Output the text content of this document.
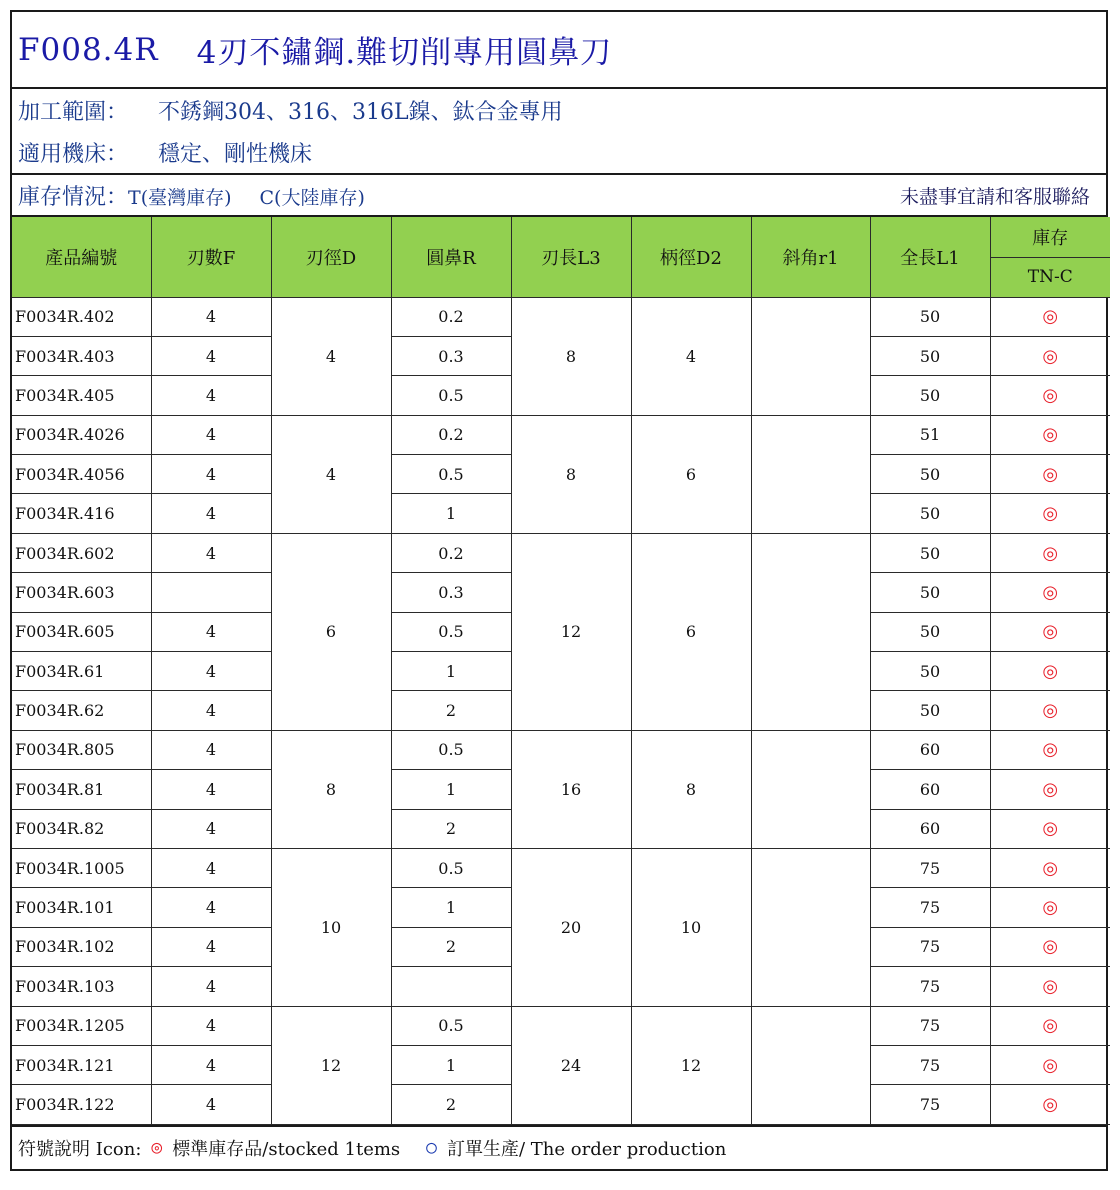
F008.4R 4刃不鏽鋼.難切削專用圓鼻刀
加工範圍：	不銹鋼304、316、316L鎳、鈦合金專用
適用機床：	穩定、剛性機床
庫存情況：T(臺灣庫存) C(大陸庫存)	未盡事宜請和客服聯絡
產品編號	刃數F	刃徑D	圓鼻R	刃長L3	柄徑D2	斜角r1	全長L1	庫存
								TN-C
F0034R.402	4	4	0.2	8	4		50	◎
F0034R.403	4		0.3				50	◎
F0034R.405	4		0.5				50	◎
F0034R.4026	4	4	0.2	8	6		51	◎
F0034R.4056	4		0.5				50	◎
F0034R.416	4		1				50	◎
F0034R.602	4	6	0.2	12	6		50	◎
F0034R.603			0.3				50	◎
F0034R.605	4		0.5				50	◎
F0034R.61	4		1				50	◎
F0034R.62	4		2				50	◎
F0034R.805	4	8	0.5	16	8		60	◎
F0034R.81	4		1				60	◎
F0034R.82	4		2				60	◎
F0034R.1005	4	10	0.5	20	10		75	◎
F0034R.101	4		1				75	◎
F0034R.102	4		2				75	◎
F0034R.103	4						75	◎
F0034R.1205	4	12	0.5	24	12		75	◎
F0034R.121	4		1				75	◎
F0034R.122	4		2				75	◎
符號說明 Icon: ◎ 標準庫存品/stocked 1tems ○ 訂單生產/ The order production
